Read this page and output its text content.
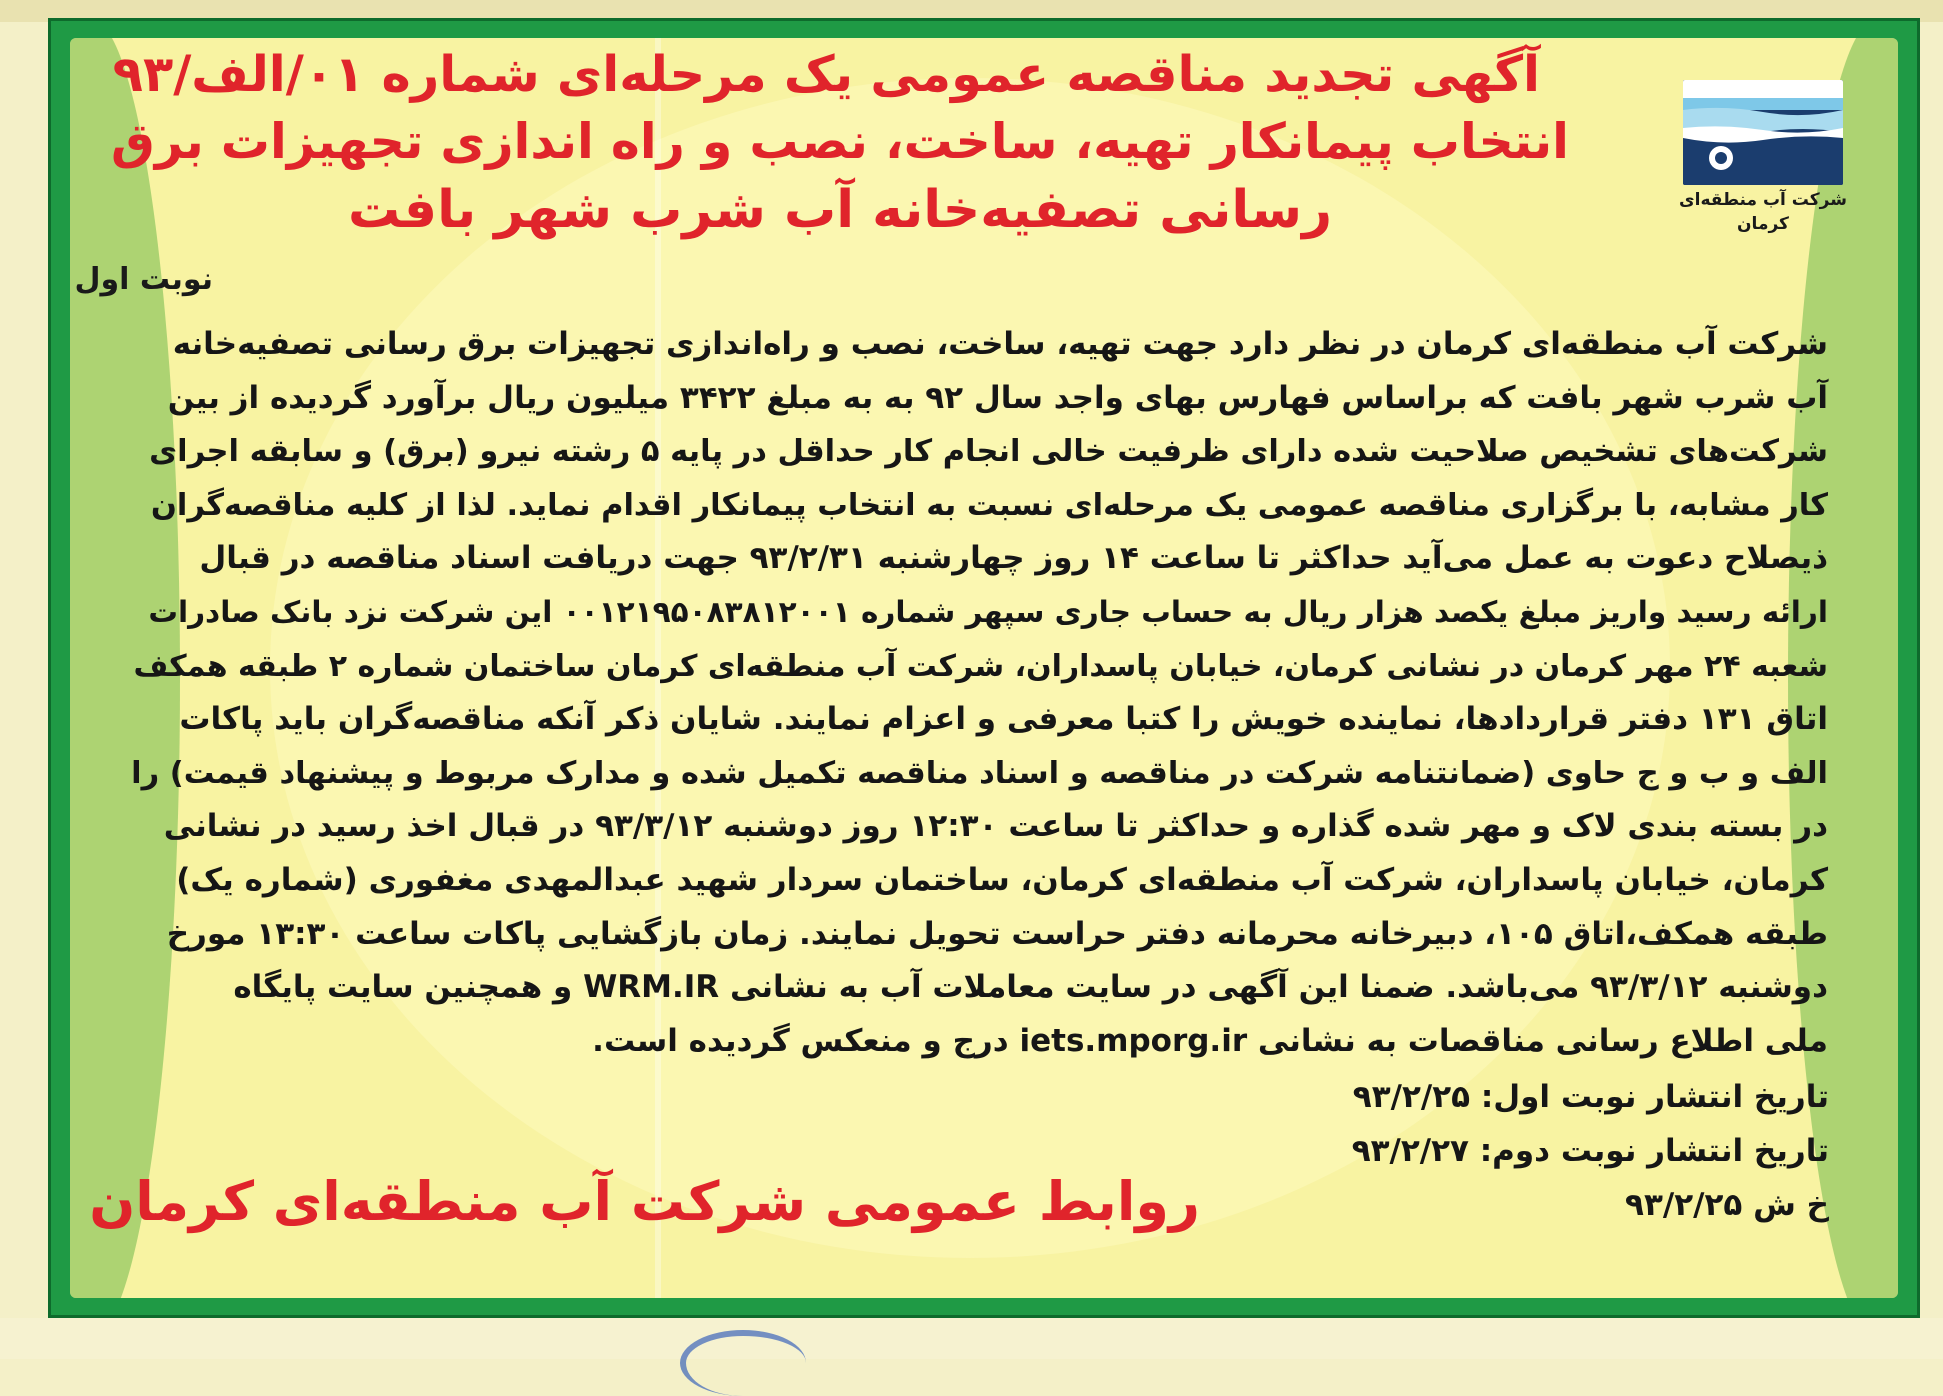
شرکت آب منطقه‌ای کرمان
آگهی تجدید مناقصه عمومی یک مرحله‌ای شماره ۰۱/الف/۹۳
انتخاب پیمانکار تهیه، ساخت، نصب و راه اندازی تجهیزات برق
رسانی تصفیه‌خانه آب شرب شهر بافت
نوبت اول
شرکت آب منطقه‌ای کرمان در نظر دارد جهت تهیه، ساخت، نصب و راه‌اندازی تجهیزات برق رسانی تصفیه‌خانه
آب شرب شهر بافت که براساس فهارس بهای واجد سال ۹۲ به به مبلغ ۳۴۲۲ میلیون ریال برآورد گردیده از بین
شرکت‌های تشخیص صلاحیت شده دارای ظرفیت خالی انجام کار حداقل در پایه ۵ رشته نیرو (برق) و سابقه اجرای
کار مشابه، با برگزاری مناقصه عمومی یک مرحله‌ای نسبت به انتخاب پیمانکار اقدام نماید. لذا از کلیه مناقصه‌گران
ذیصلاح دعوت به عمل می‌آید حداکثر تا ساعت ۱۴ روز چهارشنبه ۹۳/۲/۳۱ جهت دریافت اسناد مناقصه در قبال
ارائه رسید واریز مبلغ یکصد هزار ریال به حساب جاری سپهر شماره ۰۰۱۲۱۹۵۰۸۳۸۱۲۰۰۱ این شرکت نزد بانک صادرات
شعبه ۲۴ مهر کرمان در نشانی کرمان، خیابان پاسداران، شرکت آب منطقه‌ای کرمان ساختمان شماره ۲ طبقه همکف
اتاق ۱۳۱ دفتر قراردادها، نماینده خویش را کتبا معرفی و اعزام نمایند. شایان ذکر آنکه مناقصه‌گران باید پاکات
الف و ب و ج حاوی (ضمانتنامه شرکت در مناقصه و اسناد مناقصه تکمیل شده و مدارک مربوط و پیشنهاد قیمت) را
در بسته بندی لاک و مهر شده گذاره و حداکثر تا ساعت ۱۲:۳۰ روز دوشنبه ۹۳/۳/۱۲ در قبال اخذ رسید در نشانی
کرمان، خیابان پاسداران، شرکت آب منطقه‌ای کرمان، ساختمان سردار شهید عبدالمهدی مغفوری (شماره یک)
طبقه همکف،اتاق ۱۰۵، دبیرخانه محرمانه دفتر حراست تحویل نمایند. زمان بازگشایی پاکات ساعت ۱۳:۳۰ مورخ
دوشنبه ۹۳/۳/۱۲ می‌باشد. ضمنا این آگهی در سایت معاملات آب به نشانی WRM.IR و همچنین سایت پایگاه
ملی اطلاع رسانی مناقصات به نشانی iets.mporg.ir درج و منعکس گردیده است.
تاریخ انتشار نوبت اول: ۹۳/۲/۲۵
تاریخ انتشار نوبت دوم: ۹۳/۲/۲۷
خ ش ۹۳/۲/۲۵
روابط عمومی شرکت آب منطقه‌ای کرمان
